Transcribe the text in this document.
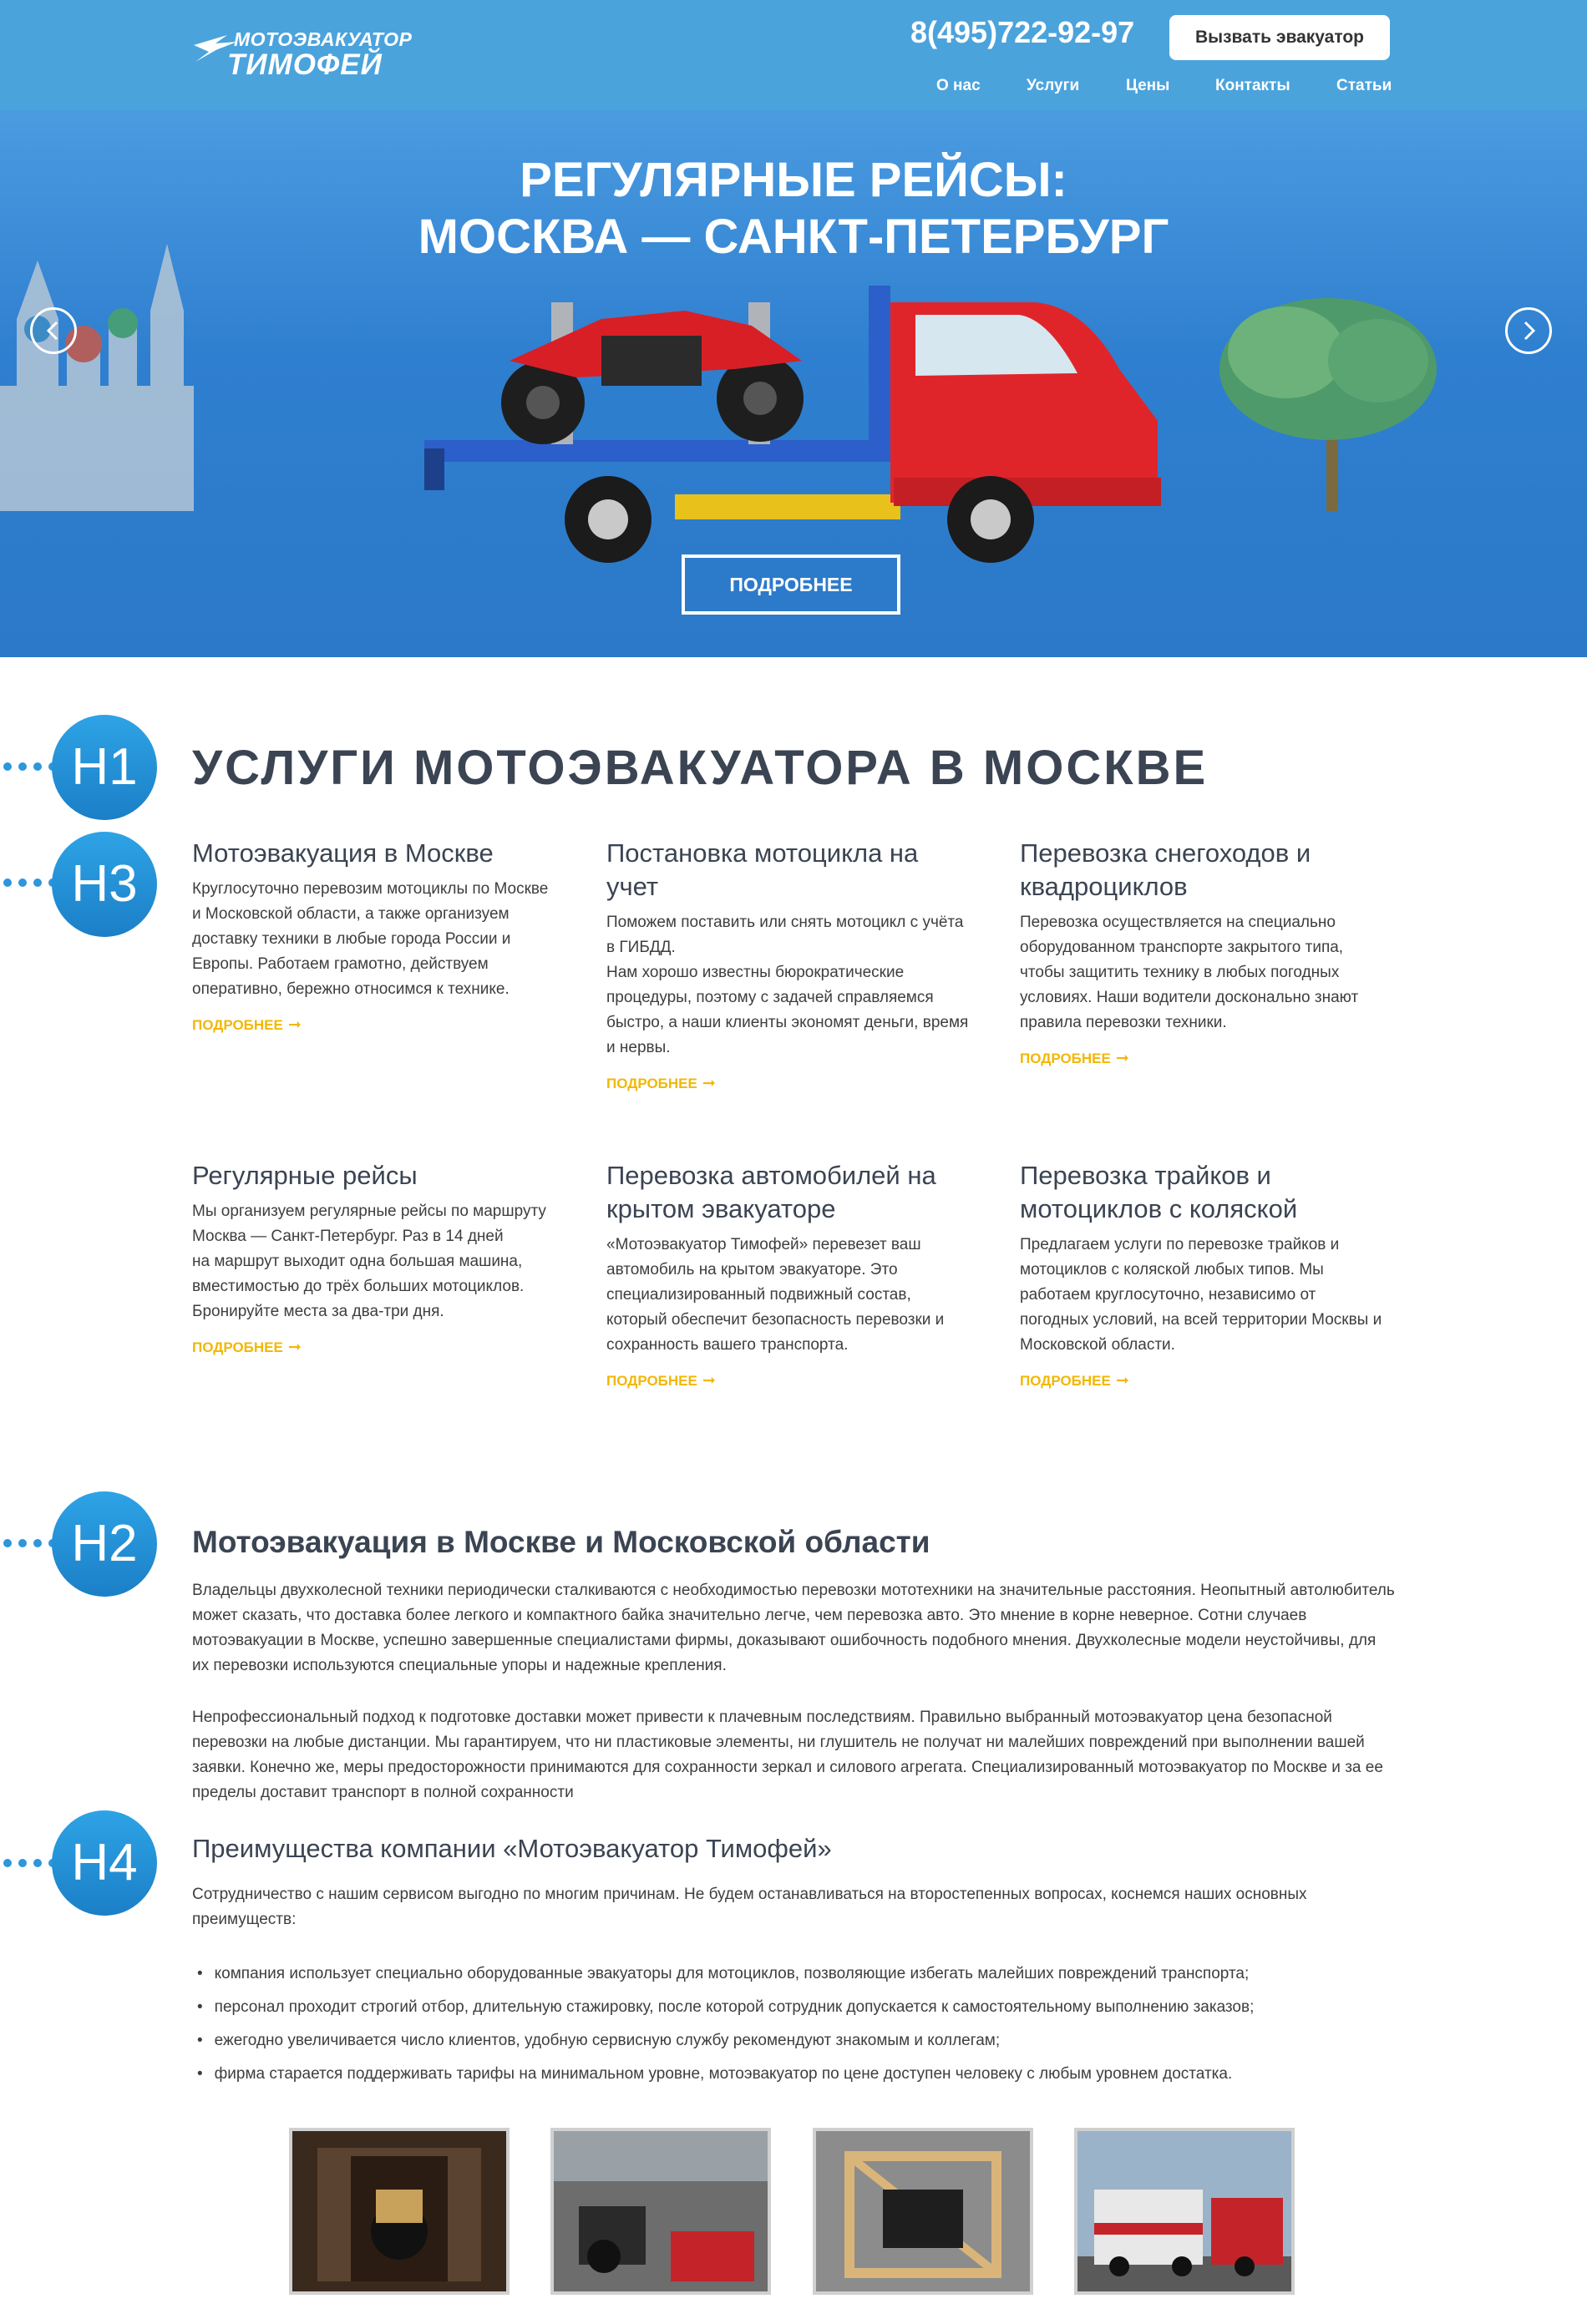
МОТОЭВАКУАТОР
ТИМОФЕЙ
8(495)722-92-97	Вызвать эвакуатор
О нас	Услуги	Цены	Контакты	Статьи
РЕГУЛЯРНЫЕ РЕЙСЫ:
МОСКВА — САНКТ-ПЕТЕРБУРГ
ПОДРОБНЕЕ
H1	УСЛУГИ МОТОЭВАКУАТОРА В МОСКВЕ
H3
Мотоэвакуация в Москве

Круглосуточно перевозим мотоциклы по Москве и Московской области, а также организуем доставку техники в любые города России и Европы. Работаем грамотно, действуем оперативно, бережно относимся к технике.

ПОДРОБНЕЕ ➞
Постановка мотоцикла на учет

Поможем поставить или снять мотоцикл с учёта в ГИБДД.
Нам хорошо известны бюрократические процедуры, поэтому с задачей справляемся быстро, а наши клиенты экономят деньги, время и нервы.

ПОДРОБНЕЕ ➞
Перевозка снегоходов и квадроциклов

Перевозка осуществляется на специально оборудованном транспорте закрытого типа, чтобы защитить технику в любых погодных условиях. Наши водители досконально знают правила перевозки техники.

ПОДРОБНЕЕ ➞
Регулярные рейсы

Мы организуем регулярные рейсы по маршруту Москва — Санкт-Петербург. Раз в 14 дней
на маршрут выходит одна большая машина, вместимостью до трёх больших мотоциклов. Бронируйте места за два-три дня.

ПОДРОБНЕЕ ➞
Перевозка автомобилей на крытом эвакуаторе

«Мотоэвакуатор Тимофей» перевезет ваш автомобиль на крытом эвакуаторе. Это специализированный подвижный состав, который обеспечит безопасность перевозки и сохранность вашего транспорта.

ПОДРОБНЕЕ ➞
Перевозка трайков и мотоциклов с коляской

Предлагаем услуги по перевозке трайков и мотоциклов с коляской любых типов. Мы работаем круглосуточно, независимо от погодных условий, на всей территории Москвы и Московской области.

ПОДРОБНЕЕ ➞
H2	Мотоэвакуация в Москве и Московской области

Владельцы двухколесной техники периодически сталкиваются с необходимостью перевозки мототехники на значительные расстояния. Неопытный автолюбитель может сказать, что доставка более легкого и компактного байка значительно легче, чем перевозка авто. Это мнение в корне неверное. Сотни случаев мотоэвакуации в Москве, успешно завершенные специалистами фирмы, доказывают ошибочность подобного мнения. Двухколесные модели неустойчивы, для их перевозки используются специальные упоры и надежные крепления.

Непрофессиональный подход к подготовке доставки может привести к плачевным последствиям. Правильно выбранный мотоэвакуатор цена безопасной перевозки на любые дистанции. Мы гарантируем, что ни пластиковые элементы, ни глушитель не получат ни малейших повреждений при выполнении вашей заявки. Конечно же, меры предосторожности принимаются для сохранности зеркал и силового агрегата. Специализированный мотоэвакуатор по Москве и за ее пределы доставит транспорт в полной сохранности

H4	Преимущества компании «Мотоэвакуатор Тимофей»

Сотрудничество с нашим сервисом выгодно по многим причинам. Не будем останавливаться на второстепенных вопросах, коснемся наших основных преимуществ:

• компания использует специально оборудованные эвакуаторы для мотоциклов, позволяющие избегать малейших повреждений транспорта;
• персонал проходит строгий отбор, длительную стажировку, после которой сотрудник допускается к самостоятельному выполнению заказов;
• ежегодно увеличивается число клиентов, удобную сервисную службу рекомендуют знакомым и коллегам;
• фирма старается поддерживать тарифы на минимальном уровне, мотоэвакуатор по цене доступен человеку с любым уровнем достатка.
